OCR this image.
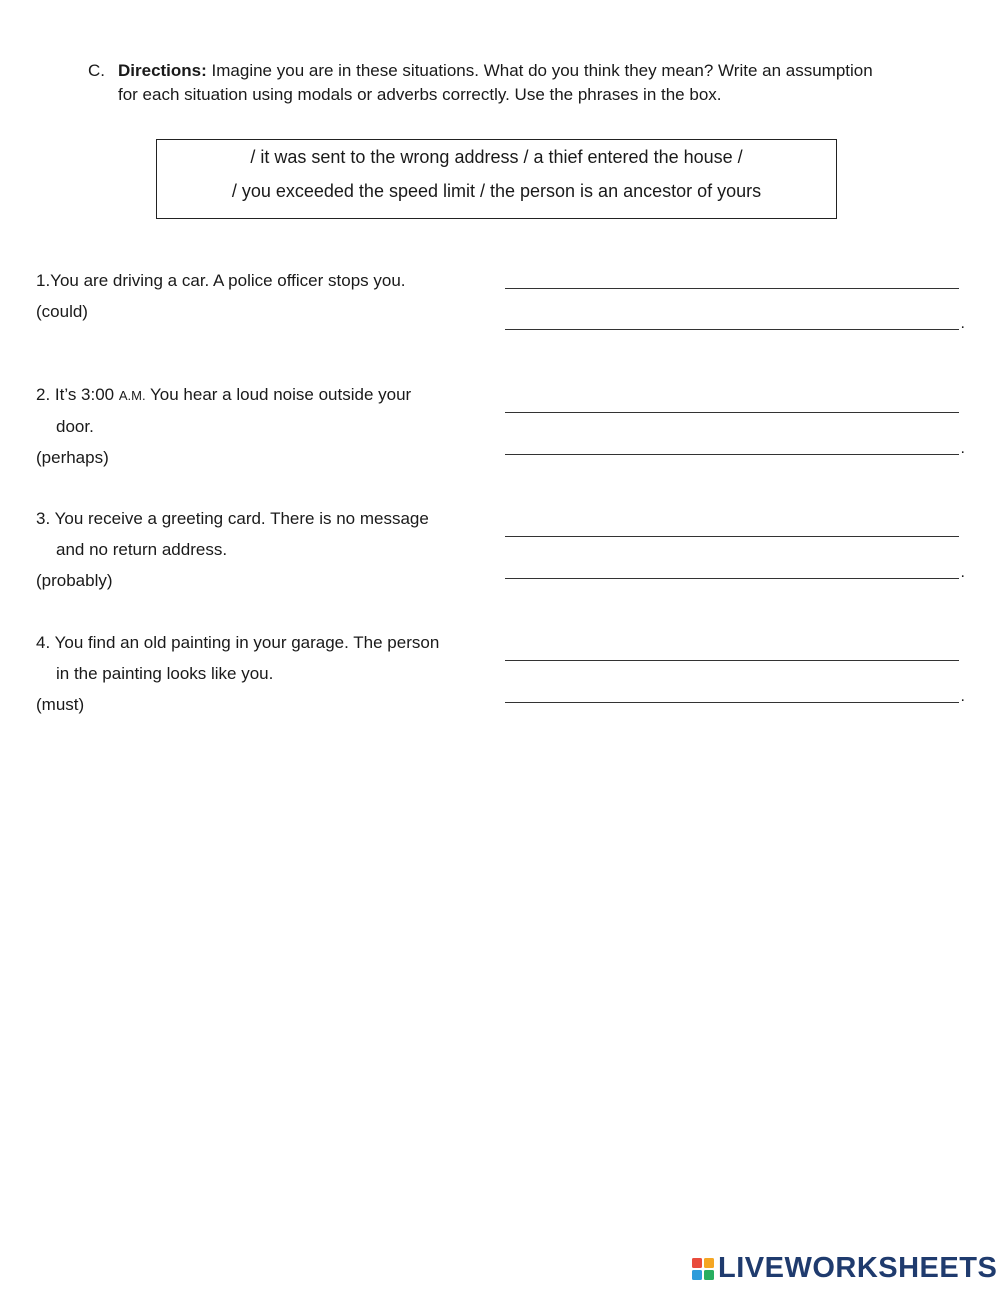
C. Directions: Imagine you are in these situations. What do you think they mean? Write an assumption
for each situation using modals or adverbs correctly. Use the phrases in the box.
/ it was sent to the wrong address / a thief entered the house /
/ you exceeded the speed limit / the person is an ancestor of yours
1.You are driving a car. A police officer stops you.
(could)
.
2. It’s 3:00 A.M. You hear a loud noise outside your
door.
(perhaps)
.
3. You receive a greeting card. There is no message
and no return address.
(probably)
.
4. You find an old painting in your garage. The person
in the painting looks like you.
(must)
.
LIVEWORKSHEETS
